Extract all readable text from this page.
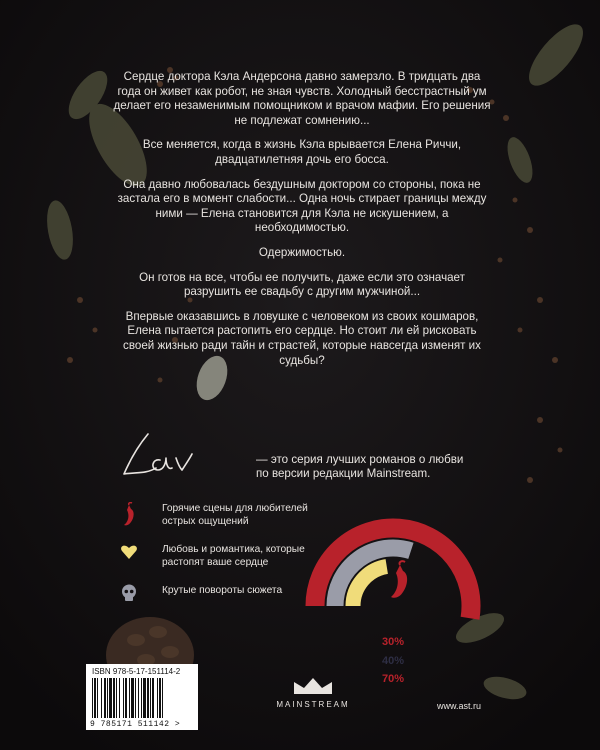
Сердце доктора Кэла Андерсона давно замерзло. В тридцать два года он живет как робот, не зная чувств. Холодный бесстрастный ум делает его незаменимым помощником и врачом мафии. Его решения не подлежат сомнению...

Все меняется, когда в жизнь Кэла врывается Елена Риччи, двадцатилетняя дочь его босса.

Она давно любовалась бездушным доктором со стороны, пока не застала его в момент слабости... Одна ночь стирает границы между ними — Елена становится для Кэла не искушением, а необходимостью.

Одержимостью.

Он готов на все, чтобы ее получить, даже если это означает разрушить ее свадьбу с другим мужчиной...

Впервые оказавшись в ловушке с человеком из своих кошмаров, Елена пытается растопить его сердце. Но стоит ли ей рисковать своей жизнью ради тайн и страстей, которые навсегда изменят их судьбы?

Lav
— это серия лучших романов о любви
по версии редакции Mainstream.
Горячие сцены для любителей
острых ощущений
Любовь и романтика, которые
растопят ваше сердце
Крутые повороты сюжета
30%
40%
70%
ISBN 978-5-17-151114-2
9 785171 511142 >
MAINSTREAM	www.ast.ru
